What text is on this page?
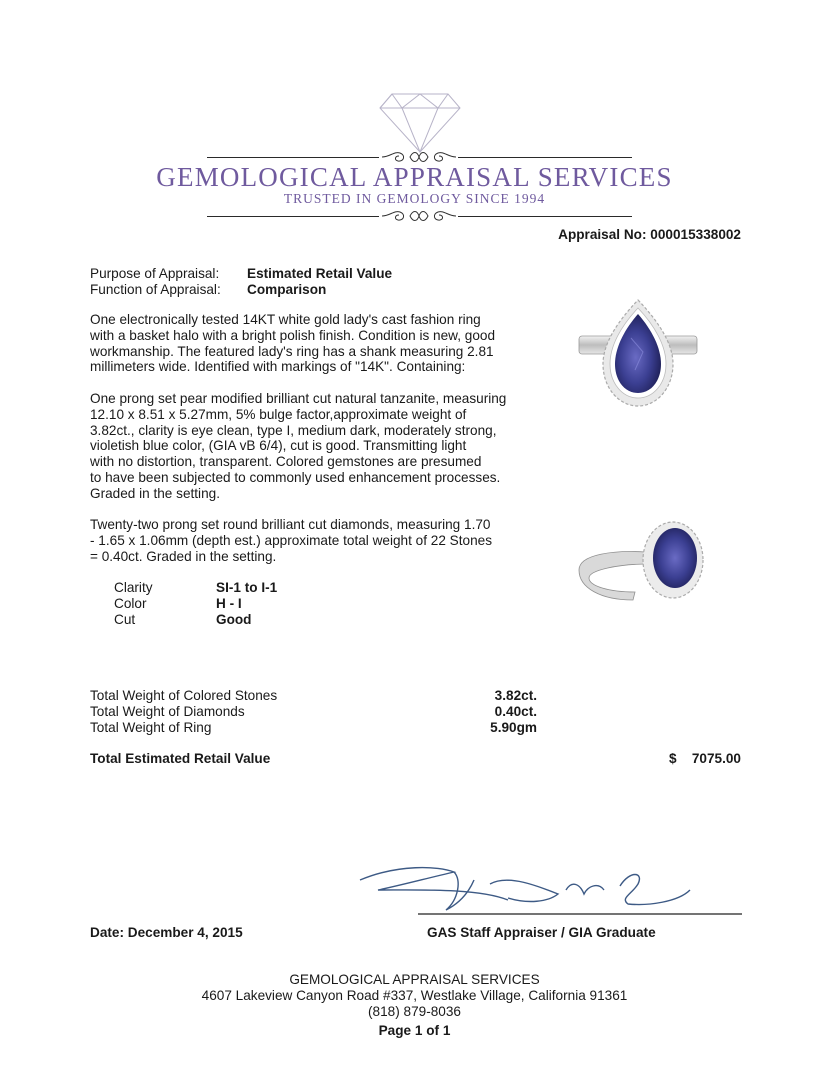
GEMOLOGICAL APPRAISAL SERVICES
TRUSTED IN GEMOLOGY SINCE 1994
Appraisal No: 000015338002
Purpose of Appraisal: Estimated Retail Value
Function of Appraisal: Comparison
One electronically tested 14KT white gold lady's cast fashion ring
with a basket halo with a bright polish finish. Condition is new, good
workmanship. The featured lady's ring has a shank measuring 2.81
millimeters wide. Identified with markings of "14K". Containing:
One prong set pear modified brilliant cut natural tanzanite, measuring
12.10 x 8.51 x 5.27mm, 5% bulge factor,approximate weight of
3.82ct., clarity is eye clean, type I, medium dark, moderately strong,
violetish blue color, (GIA vB 6/4), cut is good. Transmitting light
with no distortion, transparent. Colored gemstones are presumed
to have been subjected to commonly used enhancement processes.
Graded in the setting.
Twenty-two prong set round brilliant cut diamonds, measuring 1.70
- 1.65 x 1.06mm (depth est.) approximate total weight of 22 Stones
= 0.40ct. Graded in the setting.
Clarity	SI-1 to I-1
Color	H - I
Cut	Good
Total Weight of Colored Stones	3.82ct.
Total Weight of Diamonds	0.40ct.
Total Weight of Ring	5.90gm
Total Estimated Retail Value	$ 7075.00
Date: December 4, 2015	GAS Staff Appraiser / GIA Graduate
GEMOLOGICAL APPRAISAL SERVICES
4607 Lakeview Canyon Road #337, Westlake Village, California 91361
(818) 879-8036
Page 1 of 1
